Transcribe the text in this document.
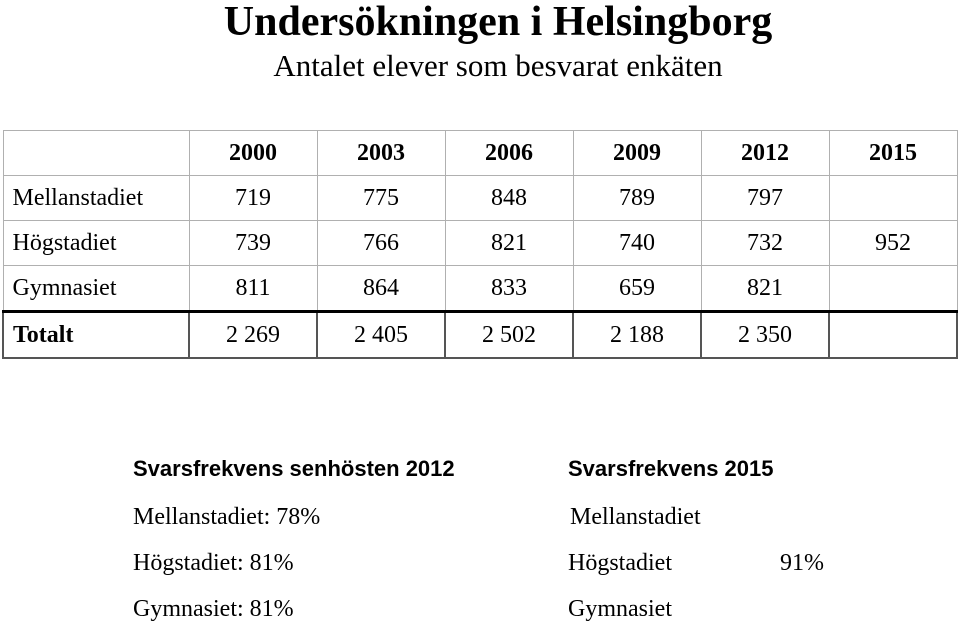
Undersökningen i Helsingborg
Antalet elever som besvarat enkäten
	2000	2003	2006	2009	2012	2015
Mellanstadiet	719	775	848	789	797	
Högstadiet	739	766	821	740	732	952
Gymnasiet	811	864	833	659	821	
Totalt	2 269	2 405	2 502	2 188	2 350	
Svarsfrekvens senhösten 2012
Mellanstadiet: 78%
Högstadiet: 81%
Gymnasiet: 81%
Svarsfrekvens 2015
Mellanstadiet
Högstadiet	91%
Gymnasiet
